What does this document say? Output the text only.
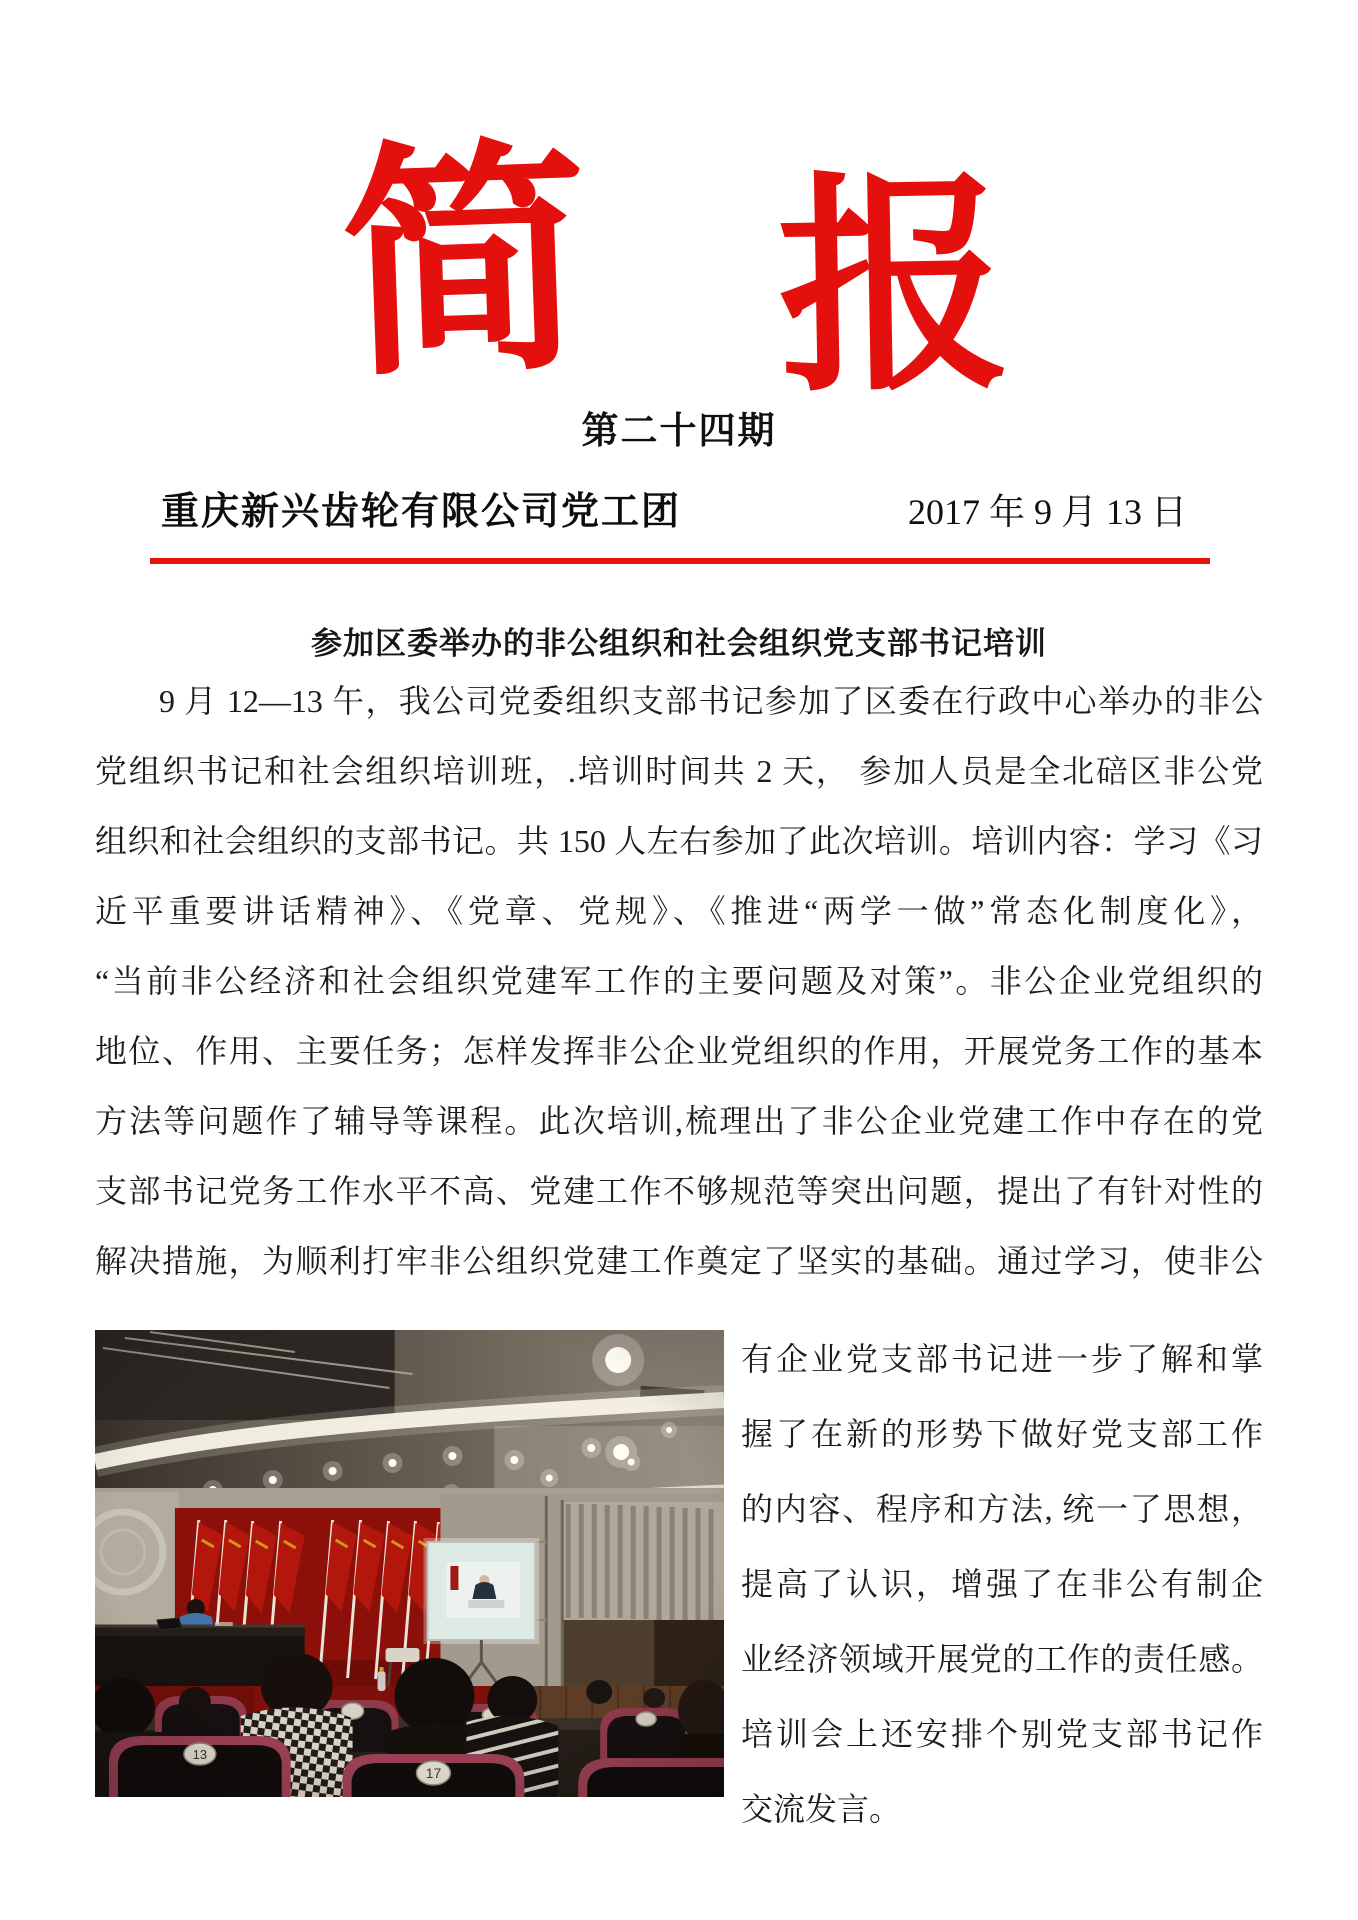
简 报
第二十四期
重庆新兴齿轮有限公司党工团	2017 年 9 月 13 日
参加区委举办的非公组织和社会组织党支部书记培训
9 月 12—13 午，我公司党委组织支部书记参加了区委在行政中心举办的非公
党组织书记和社会组织培训班，.培训时间共 2 天， 参加人员是全北碚区非公党
组织和社会组织的支部书记。共 150 人左右参加了此次培训。培训内容：学习《习
近平重要讲话精神》、《党章、党规》、《推进“两学一做”常态化制度化》，
“当前非公经济和社会组织党建军工作的主要问题及对策”。非公企业党组织的
地位、作用、主要任务；怎样发挥非公企业党组织的作用，开展党务工作的基本
方法等问题作了辅导等课程。此次培训,梳理出了非公企业党建工作中存在的党
支部书记党务工作水平不高、党建工作不够规范等突出问题，提出了有针对性的
解决措施，为顺利打牢非公组织党建工作奠定了坚实的基础。通过学习，使非公
有企业党支部书记进一步了解和掌
握了在新的形势下做好党支部工作
的内容、程序和方法, 统一了思想，
提高了认识，增强了在非公有制企
业经济领域开展党的工作的责任感。
培训会上还安排个别党支部书记作
交流发言。
